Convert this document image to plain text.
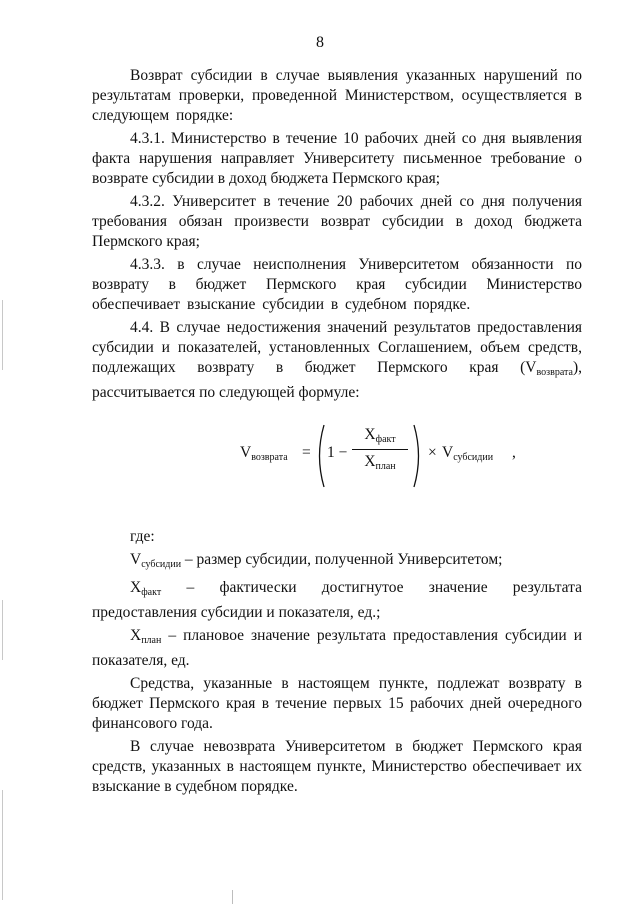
8

Возврат субсидии в случае выявления указанных нарушений по результатам проверки, проведенной Министерством, осуществляется в следующем порядке:

4.3.1. Министерство в течение 10 рабочих дней со дня выявления факта нарушения направляет Университету письменное требование о возврате субсидии в доход бюджета Пермского края;

4.3.2. Университет в течение 20 рабочих дней со дня получения требования обязан произвести возврат субсидии в доход бюджета Пермского края;

4.3.3. в случае неисполнения Университетом обязанности по возврату в бюджет Пермского края субсидии Министерство обеспечивает взыскание субсидии в судебном порядке.

4.4. В случае недостижения значений результатов предоставления субсидии и показателей, установленных Соглашением, объем средств, подлежащих возврату в бюджет Пермского края $(V_{возврата})$, рассчитывается по следующей формуле:

$V_{возврата} = 1$ −
$X_{факт}$
$X_{план}$
× $V_{субсидии}$ ,

где:

$V_{субсидии}$ – размер субсидии, полученной Университетом;

$X_{факт}$ – фактически достигнутое значение результата предоставления субсидии и показателя, ед.;

$X_{план}$ – плановое значение результата предоставления субсидии и показателя, ед.

Средства, указанные в настоящем пункте, подлежат возврату в бюджет Пермского края в течение первых 15 рабочих дней очередного финансового года.

В случае невозврата Университетом в бюджет Пермского края средств, указанных в настоящем пункте, Министерство обеспечивает их взыскание в судебном порядке.
